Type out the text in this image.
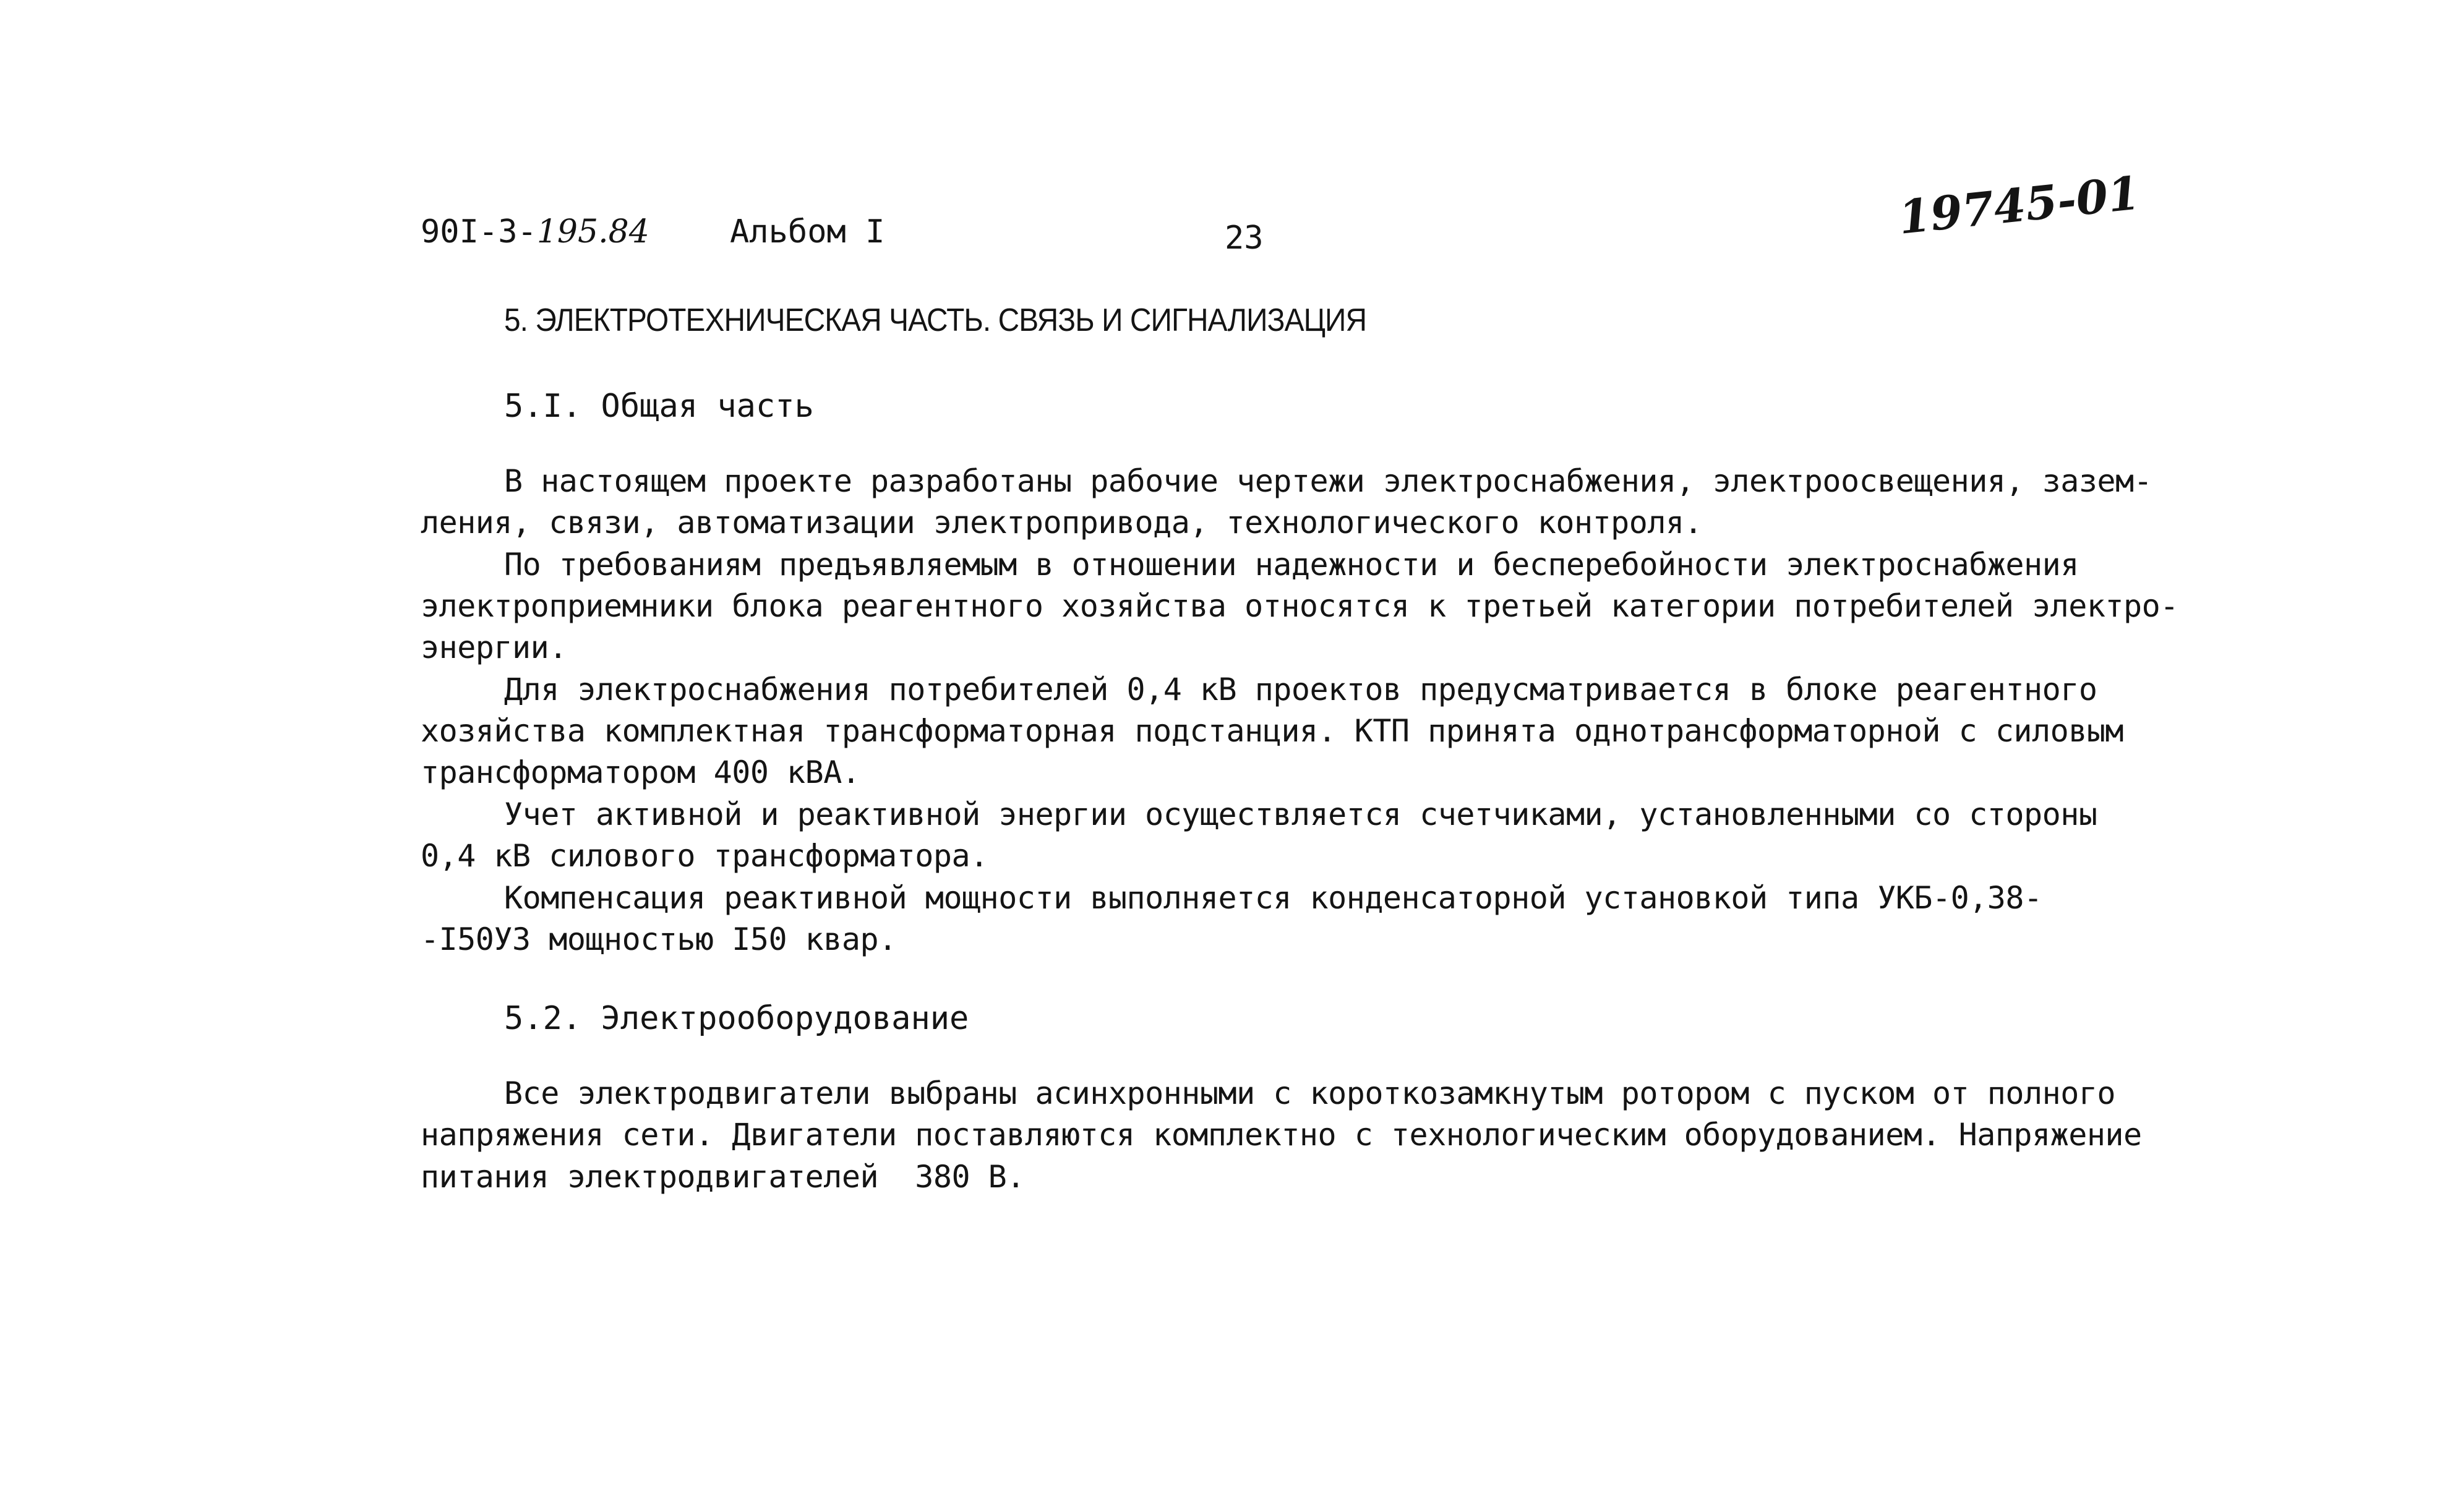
90I-3-195.84	Альбом I	23	19745-01
5. ЭЛЕКТРОТЕХНИЧЕСКАЯ ЧАСТЬ. СВЯЗЬ И СИГНАЛИЗАЦИЯ
5.I. Общая часть
В настоящем проекте разработаны рабочие чертежи электроснабжения, электроосвещения, зазем-
ления, связи, автоматизации электропривода, технологического контроля.
По требованиям предъявляемым в отношении надежности и бесперебойности электроснабжения
электроприемники блока реагентного хозяйства относятся к третьей категории потребителей электро-
энергии.
Для электроснабжения потребителей 0,4 кВ проектов предусматривается в блоке реагентного
хозяйства комплектная трансформаторная подстанция. КТП принята однотрансформаторной с силовым
трансформатором 400 кВА.
Учет активной и реактивной энергии осуществляется счетчиками, установленными со стороны
0,4 кВ силового трансформатора.
Компенсация реактивной мощности выполняется конденсаторной установкой типа УКБ-0,38-
-I50У3 мощностью I50 квар.
5.2. Электрооборудование
Все электродвигатели выбраны асинхронными с короткозамкнутым ротором с пуском от полного
напряжения сети. Двигатели поставляются комплектно с технологическим оборудованием. Напряжение
питания электродвигателей  380 В.
